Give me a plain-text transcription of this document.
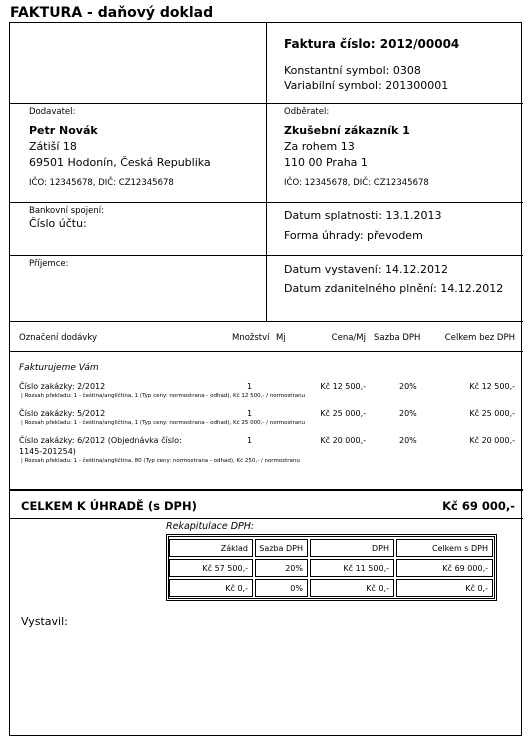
FAKTURA - daňový doklad
Faktura číslo: 2012/00004
Konstantní symbol: 0308
Variabilní symbol: 201300001
Dodavatel:
Petr Novák
Zátiší 18
69501 Hodonín, Česká Republika
IČO: 12345678, DIČ: CZ12345678
Odběratel:
Zkušební zákazník 1
Za rohem 13
110 00 Praha 1
IČO: 12345678, DIČ: CZ12345678
Bankovní spojení:
Číslo účtu:
Datum splatnosti: 13.1.2013
Forma úhrady: převodem
Příjemce:	Datum vystavení: 14.12.2012
Datum zdanitelného plnění: 14.12.2012
Označení dodávky	Množství Mj	Cena/Mj Sazba DPH	Celkem bez DPH
Fakturujeme Vám
Číslo zakázky: 2/2012	1	Kč 12 500,-	20%	Kč 12 500,-
| Rozsah překladu: 1 - čeština/angličtina, 1 (Typ ceny: normostrana - odhad), Kč 12 500,- / normostranu
Číslo zakázky: 5/2012	1	Kč 25 000,-	20%	Kč 25 000,-
| Rozsah překladu: 1 - čeština/angličtina, 1 (Typ ceny: normostrana - odhad), Kč 25 000,- / normostranu
Číslo zakázky: 6/2012 (Objednávka číslo:
1145-201254)
1	Kč 20 000,-	20%	Kč 20 000,-
| Rozsah překladu: 1 - čeština/angličtina, 80 (Typ ceny: normostrana - odhad), Kč 250,- / normostranu
CELKEM K ÚHRADĚ (s DPH)	Kč 69 000,-
Rekapitulace DPH:
Základ	Sazba DPH	DPH	Celkem s DPH
Kč 57 500,-	20%	Kč 11 500,-	Kč 69 000,-
Kč 0,-	0%	Kč 0,-	Kč 0,-
Vystavil:
